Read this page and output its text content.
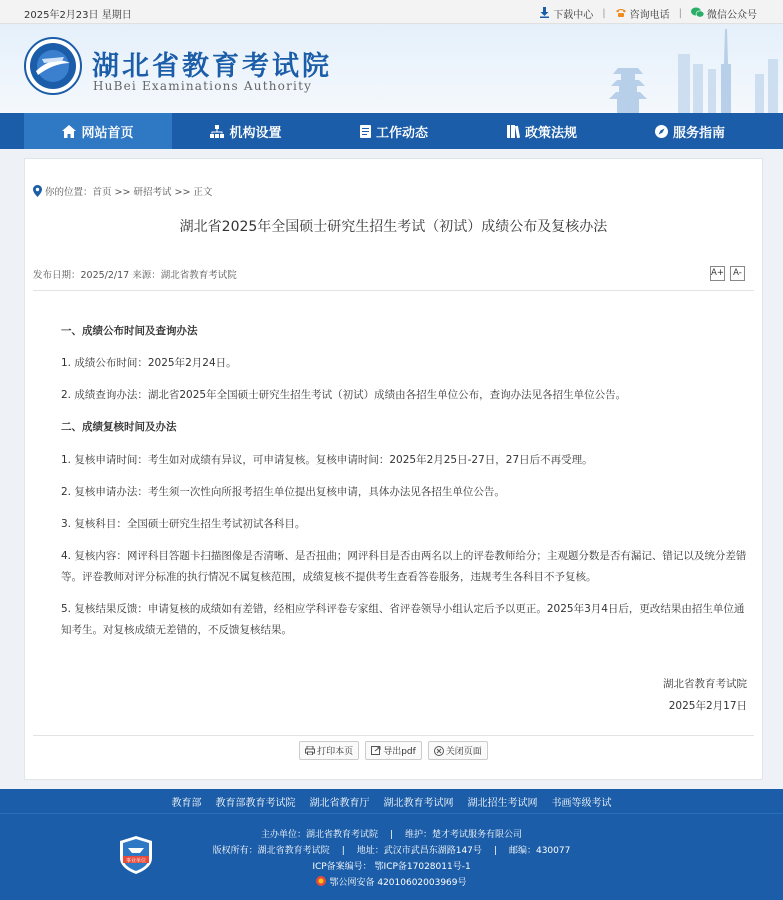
2025年2月23日 星期日	下载中心 | 咨询电话 |	微信公众号
湖北省教育考试院
HuBei Examinations Authority
网站首页	机构设置	工作动态	政策法规	服务指南
你的位置：首页 >> 研招考试 >> 正文
湖北省2025年全国硕士研究生招生考试（初试）成绩公布及复核办法
发布日期：2025/2/17 来源：湖北省教育考试院	A+	A-
一、成绩公布时间及查询办法
1. 成绩公布时间：2025年2月24日。
2. 成绩查询办法：湖北省2025年全国硕士研究生招生考试（初试）成绩由各招生单位公布，查询办法见各招生单位公告。
二、成绩复核时间及办法
1. 复核申请时间：考生如对成绩有异议，可申请复核。复核申请时间：2025年2月25日-27日，27日后不再受理。
2. 复核申请办法：考生须一次性向所报考招生单位提出复核申请，具体办法见各招生单位公告。
3. 复核科目：全国硕士研究生招生考试初试各科目。
4. 复核内容：网评科目答题卡扫描图像是否清晰、是否扭曲；网评科目是否由两名以上的评卷教师给分；主观题分数是否有漏记、错记以及统分差错等。评卷教师对评分标准的执行情况不属复核范围，成绩复核不提供考生查看答卷服务，违规考生各科目不予复核。
5. 复核结果反馈：申请复核的成绩如有差错，经相应学科评卷专家组、省评卷领导小组认定后予以更正。2025年3月4日后，更改结果由招生单位通知考生。对复核成绩无差错的，不反馈复核结果。
湖北省教育考试院
2025年2月17日
打印本页	导出pdf	关闭页面
教育部 教育部教育考试院 湖北省教育厅 湖北教育考试网 湖北招生考试网 书画等级考试
事业单位
主办单位：湖北省教育考试院 | 维护：楚才考试服务有限公司
版权所有：湖北省教育考试院 | 地址：武汉市武昌东湖路147号 | 邮编：430077
ICP备案编号： 鄂ICP备17028011号-1
鄂公网安备 42010602003969号
